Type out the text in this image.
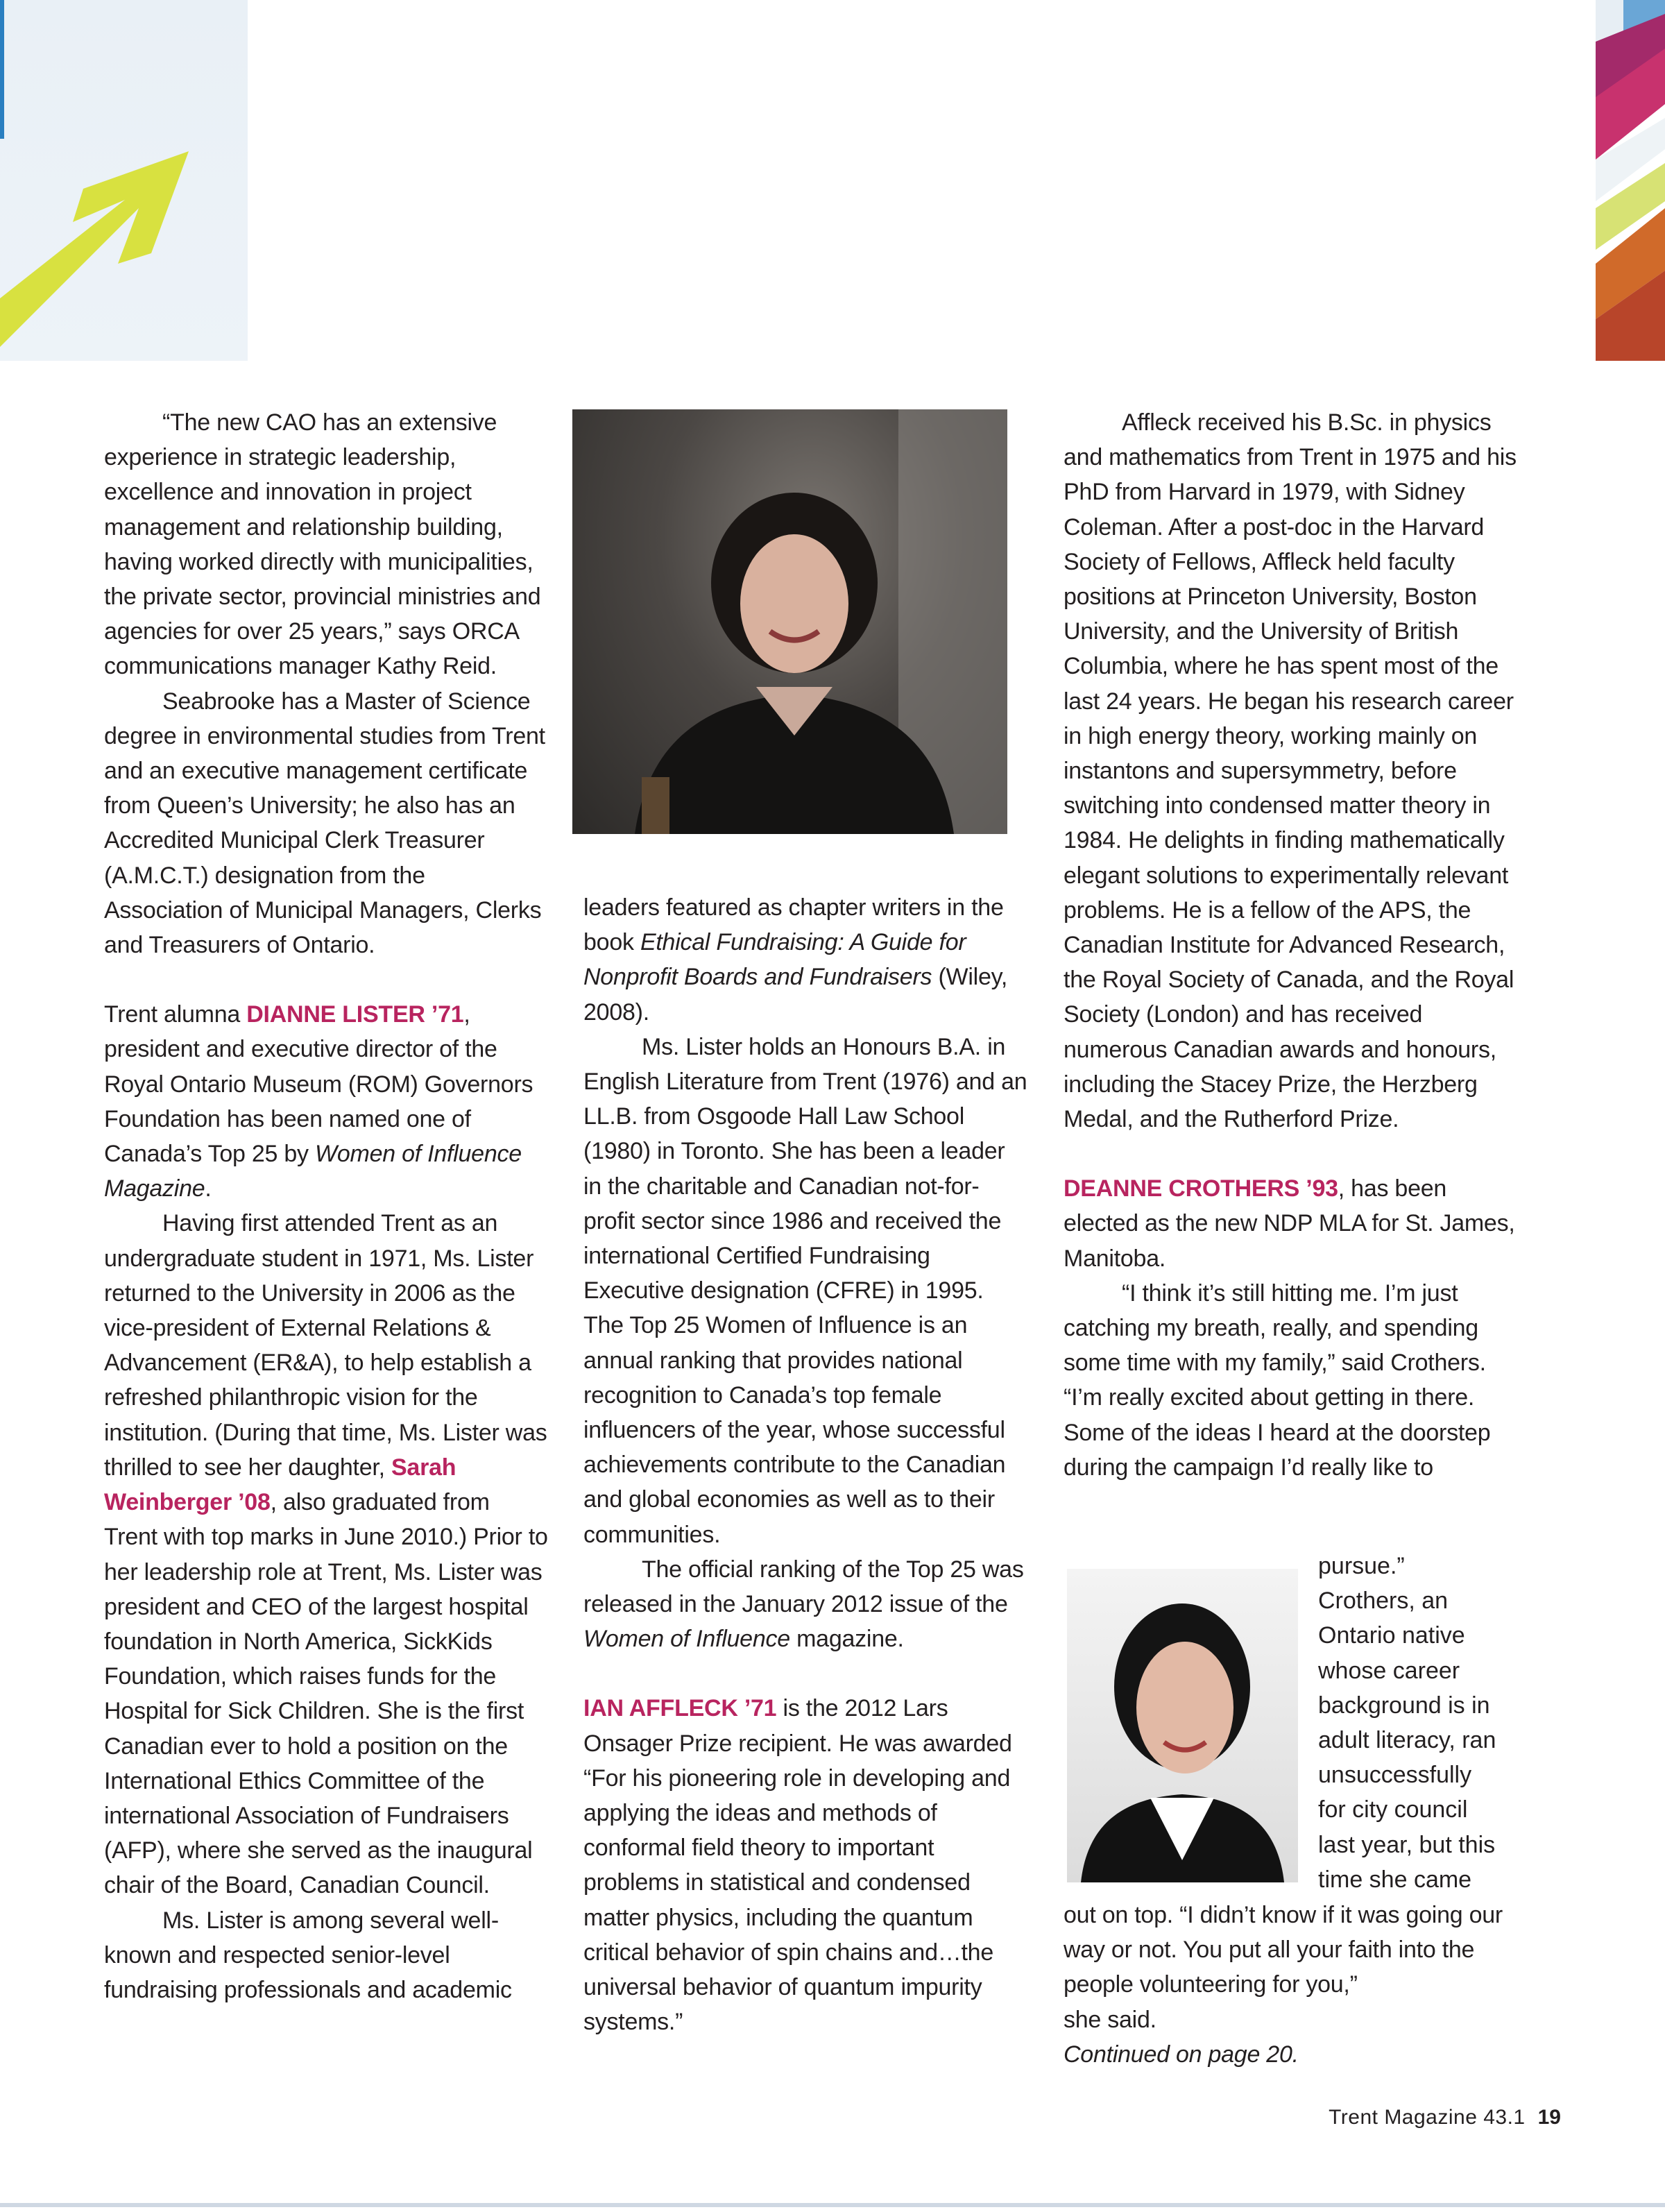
“The new CAO has an extensive experience in strategic leadership, excellence and innovation in project management and relationship building, having worked directly with municipalities, the private sector, provincial ministries and agencies for over 25 years,” says ORCA communications manager Kathy Reid.

Seabrooke has a Master of Science degree in environmental studies from Trent and an executive management certificate from Queen’s University; he also has an Accredited Municipal Clerk Treasurer (A.M.C.T.) designation from the Association of Municipal Managers, Clerks and Treasurers of Ontario.

Trent alumna DIANNE LISTER ’71, president and executive director of the Royal Ontario Museum (ROM) Governors Foundation has been named one of Canada’s Top 25 by Women of Influence Magazine.

Having first attended Trent as an undergraduate student in 1971, Ms. Lister returned to the University in 2006 as the vice-president of External Relations & Advancement (ER&A), to help establish a refreshed philanthropic vision for the institution. (During that time, Ms. Lister was thrilled to see her daughter, Sarah Weinberger ’08, also graduated from Trent with top marks in June 2010.) Prior to her leadership role at Trent, Ms. Lister was president and CEO of the largest hospital foundation in North America, SickKids Foundation, which raises funds for the Hospital for Sick Children. She is the first Canadian ever to hold a position on the International Ethics Committee of the international Association of Fundraisers (AFP), where she served as the inaugural chair of the Board, Canadian Council.

Ms. Lister is among several well-known and respected senior-level fundraising professionals and academic

leaders featured as chapter writers in the book Ethical Fundraising: A Guide for Nonprofit Boards and Fundraisers (Wiley, 2008).

Ms. Lister holds an Honours B.A. in English Literature from Trent (1976) and an LL.B. from Osgoode Hall Law School (1980) in Toronto. She has been a leader in the charitable and Canadian not-for-profit sector since 1986 and received the international Certified Fundraising Executive designation (CFRE) in 1995. The Top 25 Women of Influence is an annual ranking that provides national recognition to Canada’s top female influencers of the year, whose successful achievements contribute to the Canadian and global economies as well as to their communities.

The official ranking of the Top 25 was released in the January 2012 issue of the Women of Influence magazine.

IAN AFFLECK ’71 is the 2012 Lars Onsager Prize recipient. He was awarded “For his pioneering role in developing and applying the ideas and methods of conformal field theory to important problems in statistical and condensed matter physics, including the quantum critical behavior of spin chains and…the universal behavior of quantum impurity systems.”

Affleck received his B.Sc. in physics and mathematics from Trent in 1975 and his PhD from Harvard in 1979, with Sidney Coleman. After a post-doc in the Harvard Society of Fellows, Affleck held faculty positions at Princeton University, Boston University, and the University of British Columbia, where he has spent most of the last 24 years. He began his research career in high energy theory, working mainly on instantons and supersymmetry, before switching into condensed matter theory in 1984. He delights in finding mathematically elegant solutions to experimentally relevant problems. He is a fellow of the APS, the Canadian Institute for Advanced Research, the Royal Society of Canada, and the Royal Society (London) and has received numerous Canadian awards and honours, including the Stacey Prize, the Herzberg Medal, and the Rutherford Prize.

DEANNE CROTHERS ’93, has been elected as the new NDP MLA for St. James, Manitoba.

“I think it’s still hitting me. I’m just catching my breath, really, and spending some time with my family,” said Crothers. “I’m really excited about getting in there. Some of the ideas I heard at the doorstep during the campaign I’d really like to

pursue.”

Crothers, an

Ontario native

whose career

background is in

adult literacy, ran

unsuccessfully

for city council

last year, but this

time she came

out on top. “I didn’t know if it was going our way or not. You put all your faith into the people volunteering for you,”

she said.

Continued on page 20.

Trent Magazine 43.1 19
